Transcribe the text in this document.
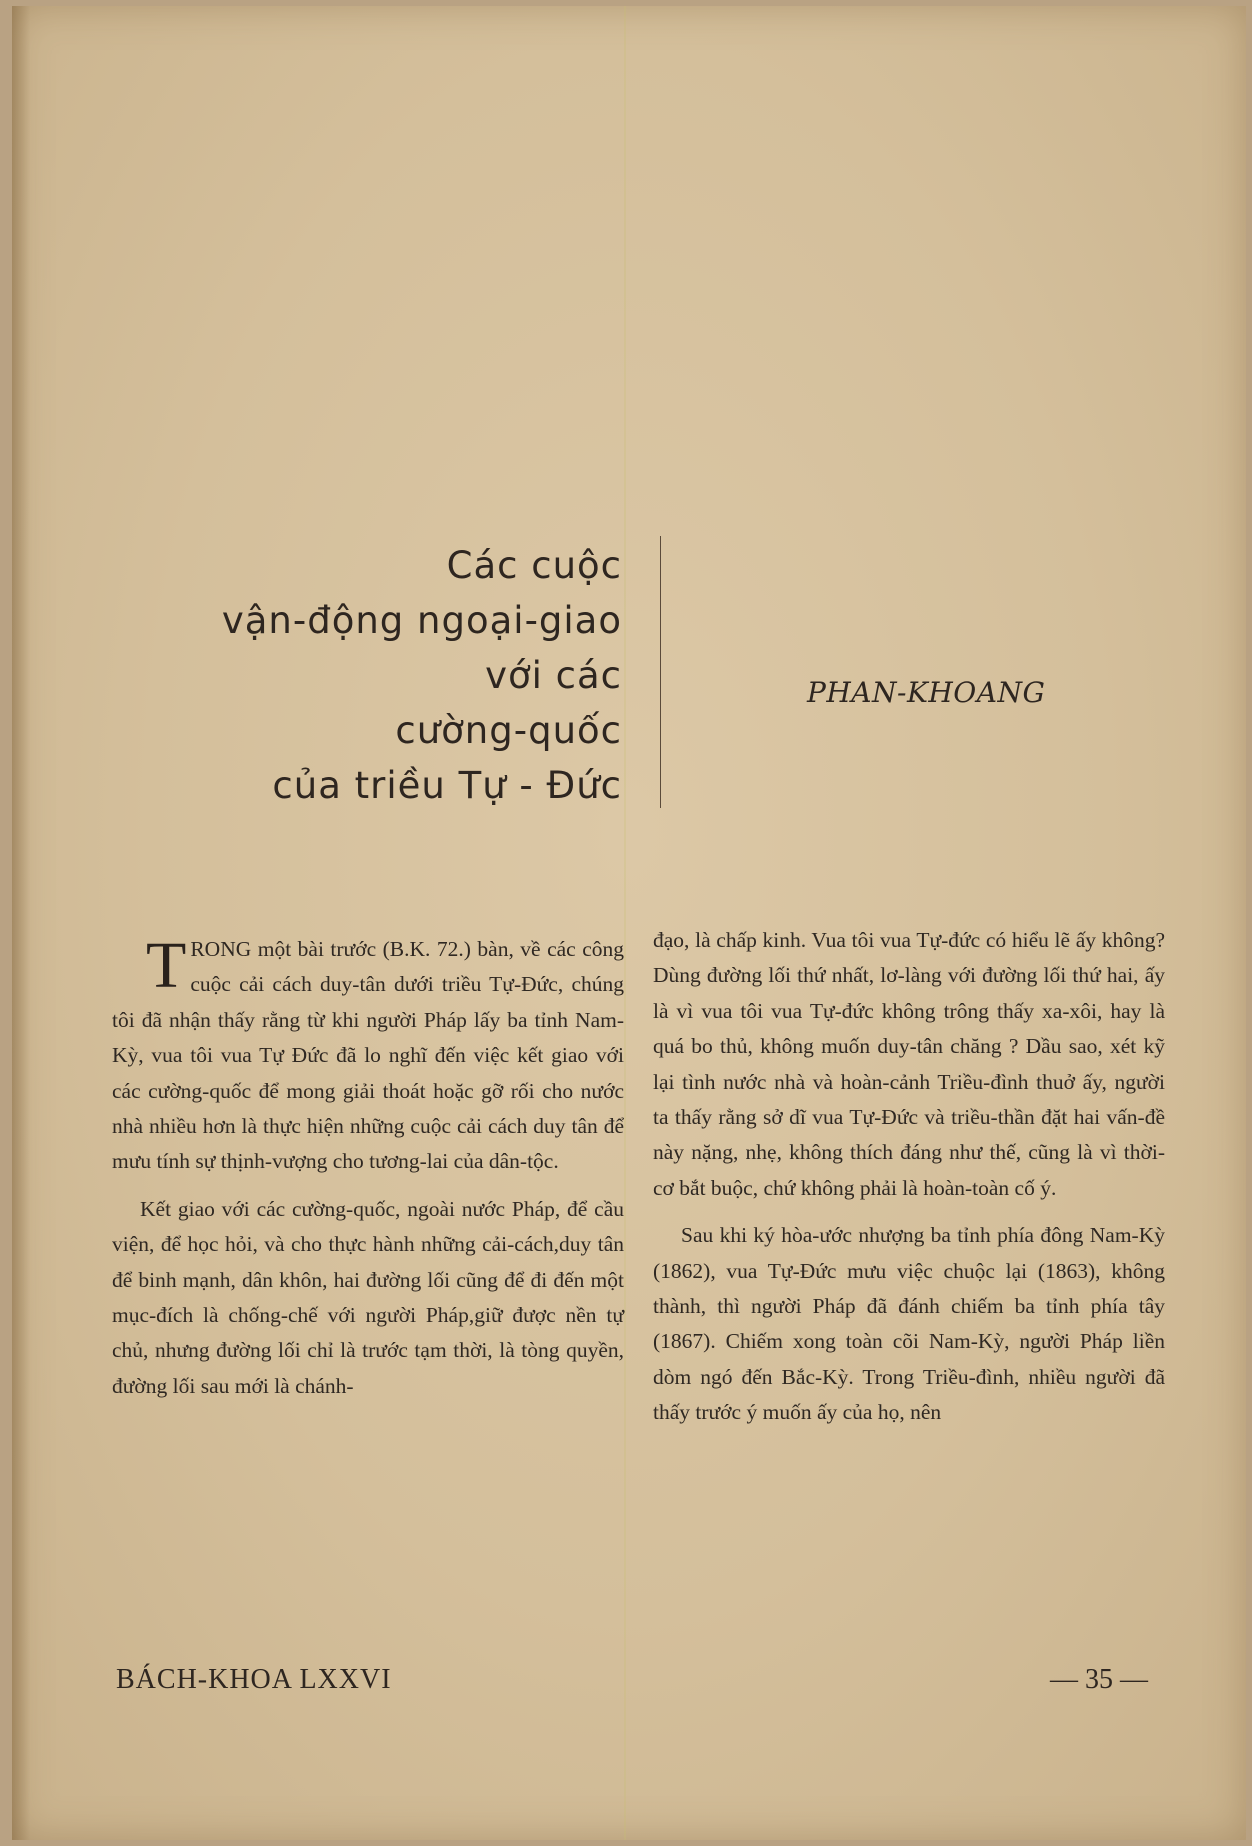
Các cuộc
vận-động ngoại-giao
với các
cường-quốc
của triều Tự - Đức
PHAN-KHOANG

TRONG một bài trước (B.K. 72.) bàn, về các công cuộc cải cách duy-tân dưới triều Tự-Đức, chúng tôi đã nhận thấy rằng từ khi người Pháp lấy ba tỉnh Nam-Kỳ, vua tôi vua Tự Đức đã lo nghĩ đến việc kết giao với các cường-quốc để mong giải thoát hoặc gỡ rối cho nước nhà nhiều hơn là thực hiện những cuộc cải cách duy tân để mưu tính sự thịnh-vượng cho tương-lai của dân-tộc.

Kết giao với các cường-quốc, ngoài nước Pháp, để cầu viện, để học hỏi, và cho thực hành những cải-cách,duy tân để binh mạnh, dân khôn, hai đường lối cũng để đi đến một mục-đích là chống-chế với người Pháp,giữ được nền tự chủ, nhưng đường lối chỉ là trước tạm thời, là tòng quyền, đường lối sau mới là chánh-

đạo, là chấp kinh. Vua tôi vua Tự-đức có hiểu lẽ ấy không? Dùng đường lối thứ nhất, lơ-làng với đường lối thứ hai, ấy là vì vua tôi vua Tự-đức không trông thấy xa-xôi, hay là quá bo thủ, không muốn duy-tân chăng ? Dầu sao, xét kỹ lại tình nước nhà và hoàn-cảnh Triều-đình thuở ấy, người ta thấy rằng sở dĩ vua Tự-Đức và triều-thần đặt hai vấn-đề này nặng, nhẹ, không thích đáng như thế, cũng là vì thời-cơ bắt buộc, chứ không phải là hoàn-toàn cố ý.

Sau khi ký hòa-ước nhượng ba tỉnh phía đông Nam-Kỳ (1862), vua Tự-Đức mưu việc chuộc lại (1863), không thành, thì người Pháp đã đánh chiếm ba tỉnh phía tây (1867). Chiếm xong toàn cõi Nam-Kỳ, người Pháp liền dòm ngó đến Bắc-Kỳ. Trong Triều-đình, nhiều người đã thấy trước ý muốn ấy của họ, nên

BÁCH-KHOA LXXVI	— 35 —
